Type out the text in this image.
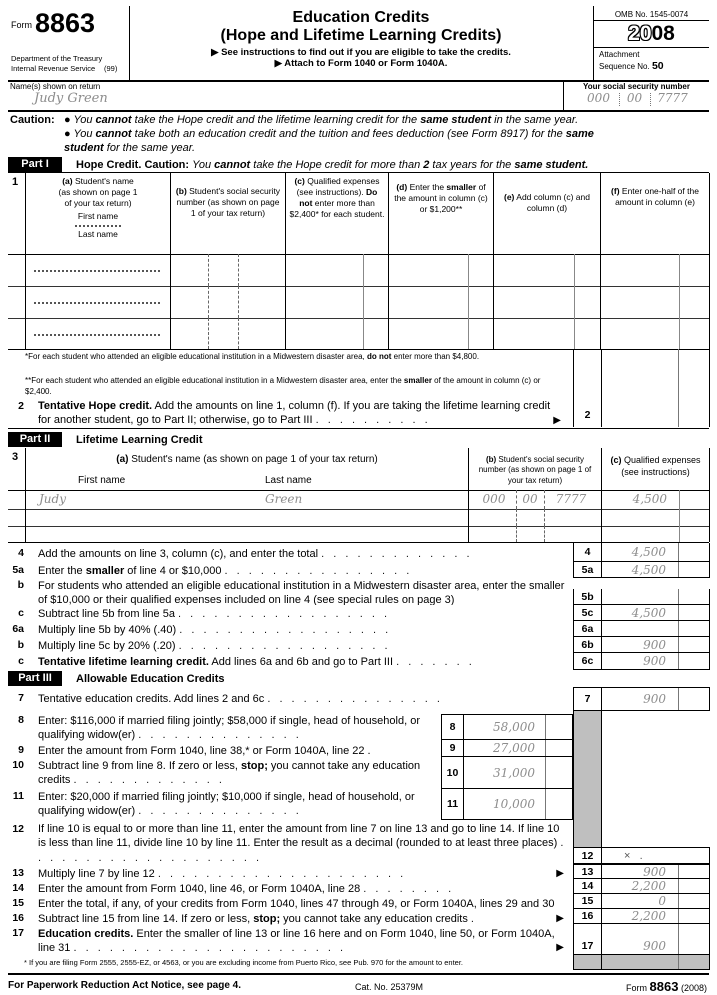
Form 8863
Department of the Treasury
Internal Revenue Service (99)
Education Credits
(Hope and Lifetime Learning Credits)
▶ See instructions to find out if you are eligible to take the credits.
▶ Attach to Form 1040 or Form 1040A.
OMB No. 1545-0074
2008
Attachment
Sequence No. 50
Name(s) shown on return
Judy Green
Your social security number
000	00	7777
Caution: ● You cannot take the Hope credit and the lifetime learning credit for the same student in the same year.
● You cannot take both an education credit and the tuition and fees deduction (see Form 8917) for the same student for the same year.
Part I	Hope Credit. Caution: You cannot take the Hope credit for more than 2 tax years for the same student.
1	(a) Student's name
(as shown on page 1
of your tax return)
First name
Last name
(b) Student's social security number (as shown on page 1 of your tax return)
(c) Qualified expenses (see instructions). Do not enter more than $2,400* for each student.
(d) Enter the smaller of the amount in column (c) or $1,200**
(e) Add column (c) and column (d)
(f) Enter one-half of the amount in column (e)
*For each student who attended an eligible educational institution in a Midwestern disaster area, do not enter more than $4,800.
**For each student who attended an eligible educational institution in a Midwestern disaster area, enter the smaller of the amount in column (c) or $2,400.
2 Tentative Hope credit. Add the amounts on line 1, column (f). If you are taking the lifetime learning credit for another student, go to Part II; otherwise, go to Part III . . . . . . . . . .	▶	2
Part II	Lifetime Learning Credit
3	(a) Student's name (as shown on page 1 of your tax return)
First name	Last name
(b) Student's social security number (as shown on page 1 of your tax return)
(c) Qualified expenses (see instructions)
Judy	Green	000 00	7777	4,500
4 Add the amounts on line 3, column (c), and enter the total . . . . . . . . . . . . .	4	4,500
5a Enter the smaller of line 4 or $10,000 . . . . . . . . . . . . . . . .	5a	4,500
b For students who attended an eligible educational institution in a Midwestern disaster area, enter the smaller of $10,000 or their qualified expenses included on line 4 (see special rules on page 3)	5b
c Subtract line 5b from line 5a . . . . . . . . . . . . . . . . . .	5c	4,500
6a Multiply line 5b by 40% (.40) . . . . . . . . . . . . . . . . . .	6a
b Multiply line 5c by 20% (.20) . . . . . . . . . . . . . . . . . .	6b	900
c Tentative lifetime learning credit. Add lines 6a and 6b and go to Part III . . . . . . .	6c	900
Part III	Allowable Education Credits
7 Tentative education credits. Add lines 2 and 6c . . . . . . . . . . . . . . .	7	900
8 Enter: $116,000 if married filing jointly; $58,000 if single, head of household, or qualifying widow(er) . . . . . . . . . . . . . .
9 Enter the amount from Form 1040, line 38,* or Form 1040A, line 22 .
10 Subtract line 9 from line 8. If zero or less, stop; you cannot take any education credits . . . . . . . . . . . . .
11 Enter: $20,000 if married filing jointly; $10,000 if single, head of household, or qualifying widow(er) . . . . . . . . . . . . . .
8	58,000
9	27,000
10	31,000
11	10,000
12 If line 10 is equal to or more than line 11, enter the amount from line 7 on line 13 and go to line 14. If line 10 is less than line 11, divide line 10 by line 11. Enter the result as a decimal (rounded to at least three places) . . . . . . . . . . . . . . . . . . . .	12	×   .
13 Multiply line 7 by line 12 . . . . . . . . . . . . . . . . . . . . .	▶
14 Enter the amount from Form 1040, line 46, or Form 1040A, line 28 . . . . . . . .
15 Enter the total, if any, of your credits from Form 1040, lines 47 through 49, or Form 1040A, lines 29 and 30
16 Subtract line 15 from line 14. If zero or less, stop; you cannot take any education credits .	▶
17 Education credits. Enter the smaller of line 13 or line 16 here and on Form 1040, line 50, or Form 1040A, line 31 . . . . . . . . . . . . . . . . . . . . . . .	▶
13	900
14	2,200
15	0
16	2,200
17	900
* If you are filing Form 2555, 2555-EZ, or 4563, or you are excluding income from Puerto Rico, see Pub. 970 for the amount to enter.
For Paperwork Reduction Act Notice, see page 4.	Cat. No. 25379M	Form 8863 (2008)
